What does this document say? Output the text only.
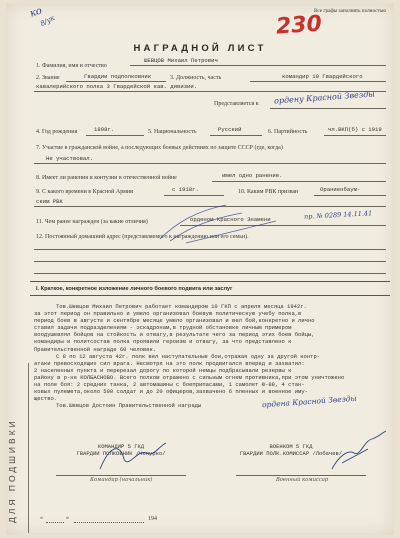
Все графы заполнять полностью
ко
8/ук	230
НАГРАДНОЙ ЛИСТ
1. Фамилия, имя и отчество
ШЕВЦОВ Михаил Петрович
2. Звание	Гвардии подполковник	3. Должность, часть	командир 10 Гвардейского
кавалерийского полка 3 Гвардейской кав. дивизии.
Представляется к ордену Красной Звезды
4. Год рождения	1898г.	5. Национальность	Русский	6. Партийность	чл.ВКП(б) с 1919
7. Участие в гражданской войне, а последующих боевых действиях по защите СССР (где, когда)
Не участвовал.
8. Имеет ли ранения и контузии в отечественной войне	имел одно ранение.
9. С какого времени в Красной Армии	с 1918г.	10. Каким РВК призван	Ораниенбаум-
ским РВК
11. Чем ранее награжден (за какие отличия)	орденом Красного Знамени	пр. № 0289 14.11.41
12. Постоянный домашний адрес (представляемого к награждению или его семьи).
I. Краткое, конкретное изложение личного боевого подвига или заслуг
Тов.Шевцов Михаил Петрович работает командиром 10 ГКП с апреля месяца 1942г.
за этот период он правильно и умело организовал боевую политическую учебу полка,в
период боев в августе и сентябре месяце умело организовал и вел бой,конкретно и лично
ставил задачи подразделениям - эскадронам,в трудной обстановке личным примером
воодушевлял бойцов на стойкость и отвагу,в результате чего за период этих боев бойцы,
командиры и политсостав полка проявили героизм и отвагу, за что представлено к
Правительственной награде 60 человек.
С 8 по 12 августа 42г. полк вел наступательные бои,отражая одну за другой контр-
атаки превосходящих сил врага. Несмотря на это полк продвигался вперед и захватил:
2 населенных пункта и перерезал дорогу по которой немцы подбрасывали резервы к
району в р-не КОЛБАСНОВО. Всего полком отражено с сильным огнем противника,при этом уничтожено
на поле боя: 2 средних танка, 2 автомашины с боеприпасами, 1 самолет Ю-88, 4 стан-
ковых пулемета,около 500 солдат и до 20 офицеров,захвачено 6 пленных и военное иму-
щество.
Тов.Шевцов Достоин Правительственной награды	ордена Красной Звезды
КОМАНДИР 5 ГКД
ГВАРДИИ ПОЛКОВНИК /Чепурко/
ВОЕНКОМ 5 ГКД
ГВАРДИИ ПОЛК.КОМИССАР /Лобачев/
Командир (начальник)	Военный комиссар
«	»	194
ДЛЯ ПОДШИВКИ
